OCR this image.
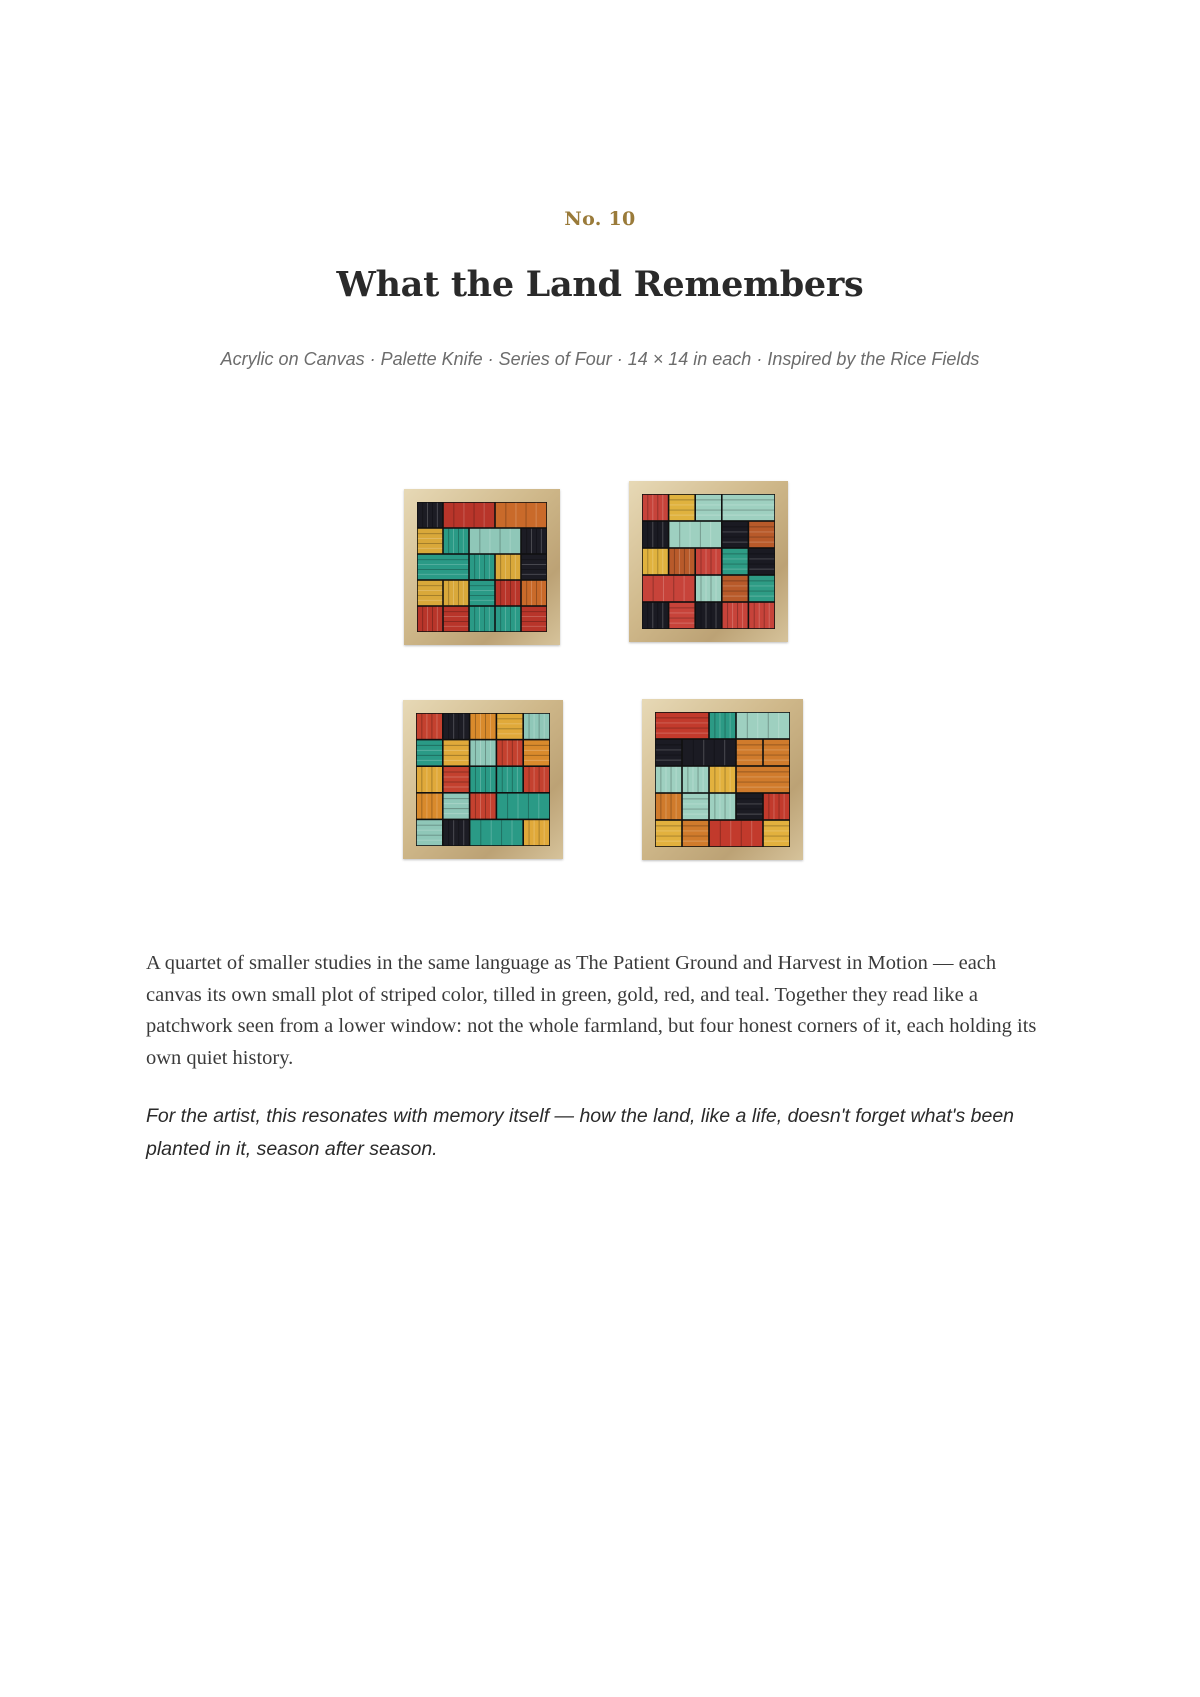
No. 10
What the Land Remembers
Acrylic on Canvas · Palette Knife · Series of Four · 14 × 14 in each · Inspired by the Rice Fields

A quartet of smaller studies in the same language as The Patient Ground and Harvest in Motion — each canvas its own small plot of striped color, tilled in green, gold, red, and teal. Together they read like a patchwork seen from a lower window: not the whole farmland, but four honest corners of it, each holding its own quiet history.

For the artist, this resonates with memory itself — how the land, like a life, doesn't forget what's been planted in it, season after season.
